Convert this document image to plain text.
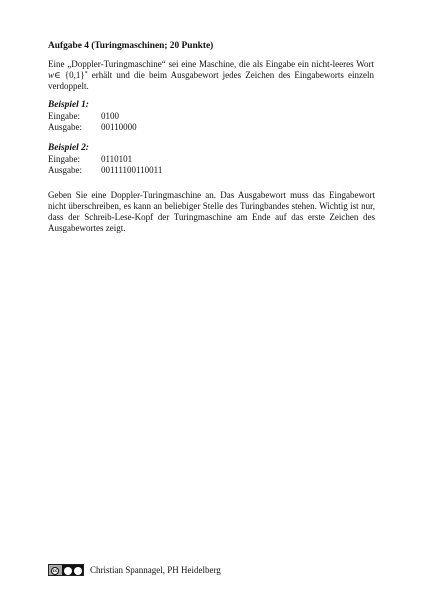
Aufgabe 4 (Turingmaschinen; 20 Punkte)

Eine „Doppler-Turingmaschine“ sei eine Maschine, die als Eingabe ein nicht-leeres Wort w∈ {0,1}* erhält und die beim Ausgabewort jedes Zeichen des Eingabeworts einzeln verdoppelt.

Beispiel 1:

Eingabe:	0100
Ausgabe:	00110000

Beispiel 2:

Eingabe:	0110101
Ausgabe:	00111100110011

Geben Sie eine Doppler-Turingmaschine an. Das Ausgabewort muss das Eingabewort nicht überschreiben, es kann an beliebiger Stelle des Turingbandes stehen. Wichtig ist nur, dass der Schreib-Lese-Kopf der Turingmaschine am Ende auf das erste Zeichen des Ausgabewortes zeigt.

cc	Christian Spannagel, PH Heidelberg
